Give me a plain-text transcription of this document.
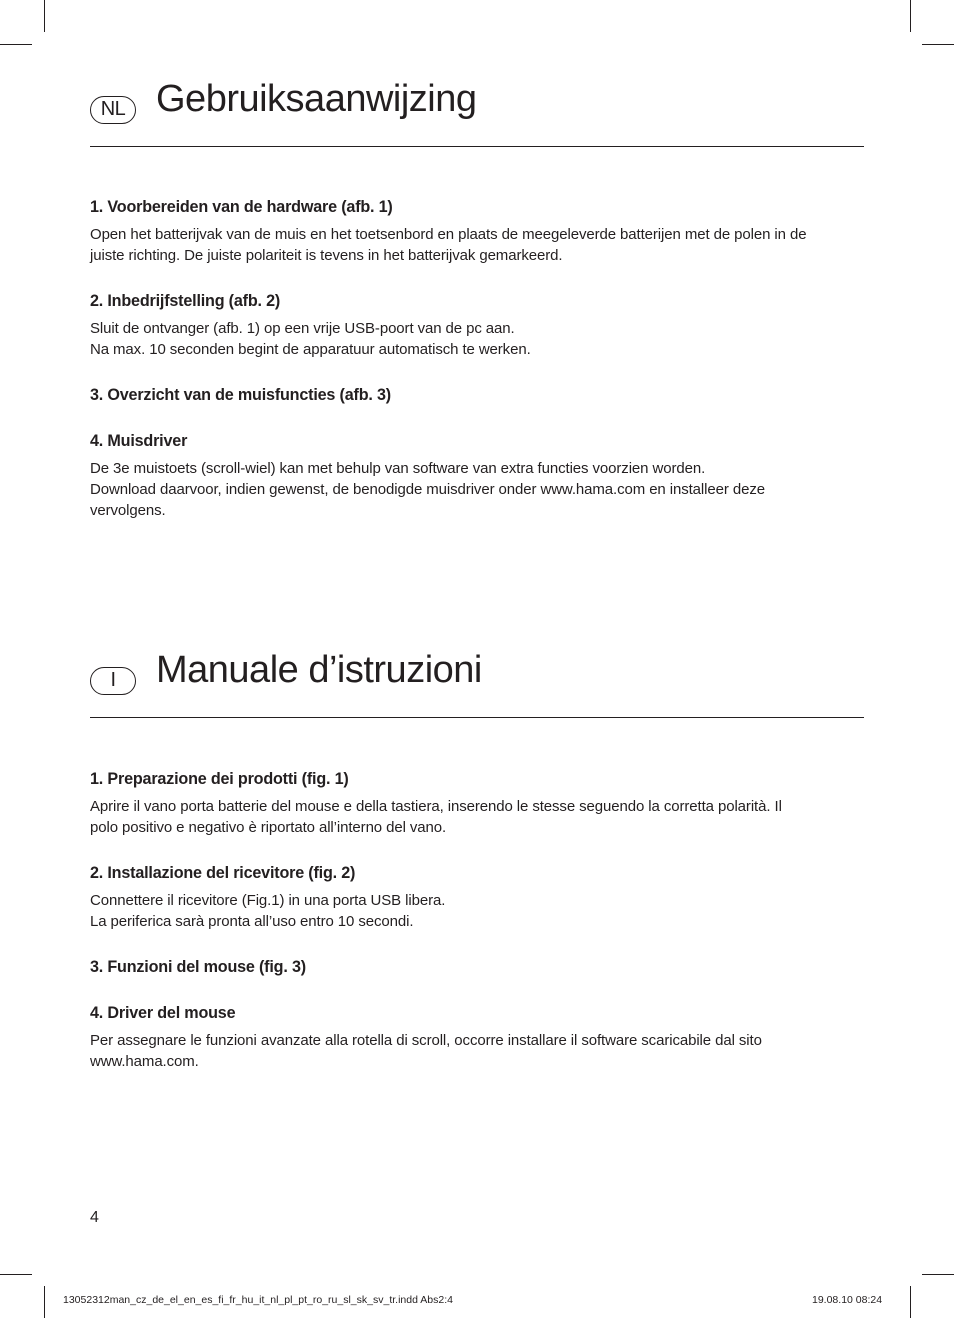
NL Gebruiksaanwijzing

1. Voorbereiden van de hardware (afb. 1)

Open het batterijvak van de muis en het toetsenbord en plaats de meegeleverde batterijen met de polen in de
juiste richting. De juiste polariteit is tevens in het batterijvak gemarkeerd.

2. Inbedrijfstelling (afb. 2)

Sluit de ontvanger (afb. 1) op een vrije USB-poort van de pc aan.
Na max. 10 seconden begint de apparatuur automatisch te werken.

3. Overzicht van de muisfuncties (afb. 3)

4. Muisdriver

De 3e muistoets (scroll-wiel) kan met behulp van software van extra functies voorzien worden.
Download daarvoor, indien gewenst, de benodigde muisdriver onder www.hama.com en installeer deze
vervolgens.

I	Manuale d’istruzioni

1. Preparazione dei prodotti (fig. 1)

Aprire il vano porta batterie del mouse e della tastiera, inserendo le stesse seguendo la corretta polarità. Il
polo positivo e negativo è riportato all’interno del vano.

2. Installazione del ricevitore (fig. 2)

Connettere il ricevitore (Fig.1) in una porta USB libera.
La periferica sarà pronta all’uso entro 10 secondi.

3. Funzioni del mouse (fig. 3)

4. Driver del mouse

Per assegnare le funzioni avanzate alla rotella di scroll, occorre installare il software scaricabile dal sito
www.hama.com.

4
13052312man_cz_de_el_en_es_fi_fr_hu_it_nl_pl_pt_ro_ru_sl_sk_sv_tr.indd Abs2:4	19.08.10 08:24
